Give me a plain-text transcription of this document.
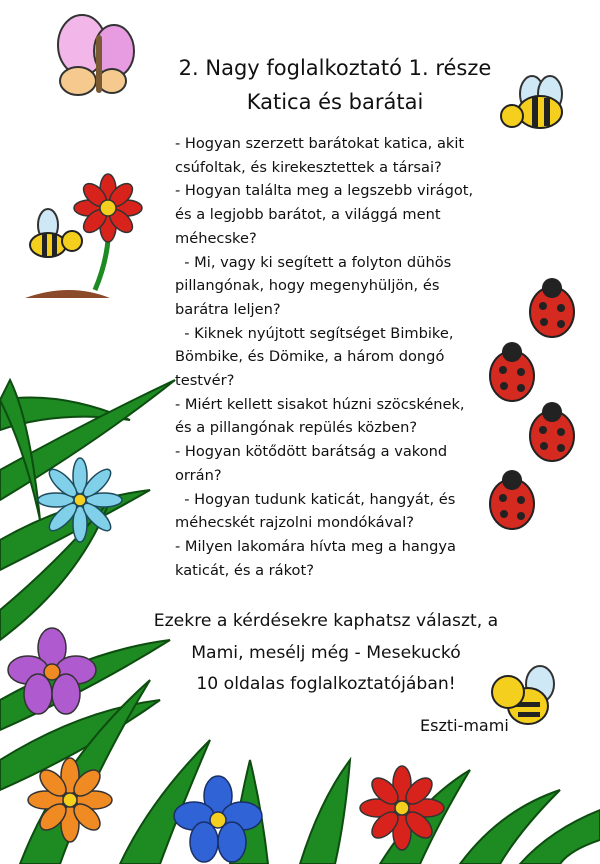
2. Nagy foglalkoztató 1. része
Katica és barátai
- Hogyan szerzett barátokat katica, akit
csúfoltak, és kirekesztettek a társai?
- Hogyan találta meg a legszebb virágot,
és a legjobb barátot, a világgá ment
méhecske?
- Mi, vagy ki segített a folyton dühös
pillangónak, hogy megenyhüljön, és
barátra leljen?
- Kiknek nyújtott segítséget Bimbike,
Bömbike, és Dömike, a három dongó
testvér?
- Miért kellett sisakot húzni szöcskének,
és a pillangónak repülés közben?
- Hogyan kötődött barátság a vakond
orrán?
- Hogyan tudunk katicát, hangyát, és
méhecskét rajzolni mondókával?
- Milyen lakomára hívta meg a hangya
katicát, és a rákot?
Ezekre a kérdésekre kaphatsz választ, a
Mami, mesélj még - Mesekuckó
10 oldalas foglalkoztatójában!
Eszti-mami
